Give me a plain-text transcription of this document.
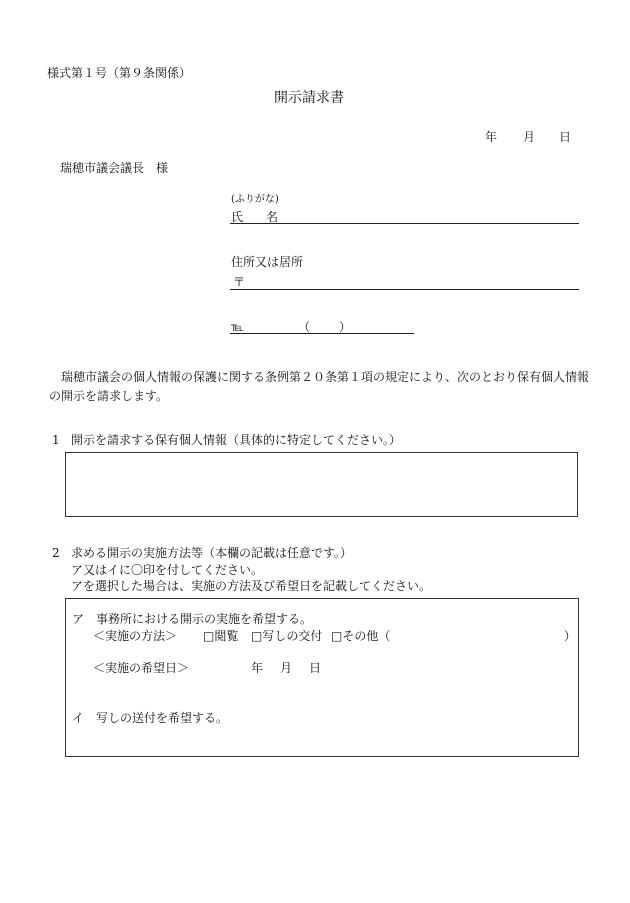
様式第１号（第９条関係）
開示請求書
年 月 日
瑞穂市議会議長　様
(ふりがな)
氏 名
住所又は居所
〒
℡	（ ）
瑞穂市議会の個人情報の保護に関する条例第２０条第１項の規定により、次のとおり保有個人情報の開示を請求します。
1 開示を請求する保有個人情報（具体的に特定してください。）
2 求める開示の実施方法等（本欄の記載は任意です。）
ア又はイに〇印を付してください。
アを選択した場合は、実施の方法及び希望日を記載してください。
ア　事務所における開示の実施を希望する。
＜実施の方法＞ □閲覧 □写しの交付 □その他（	）
＜実施の希望日＞	年 月 日
イ　写しの送付を希望する。
